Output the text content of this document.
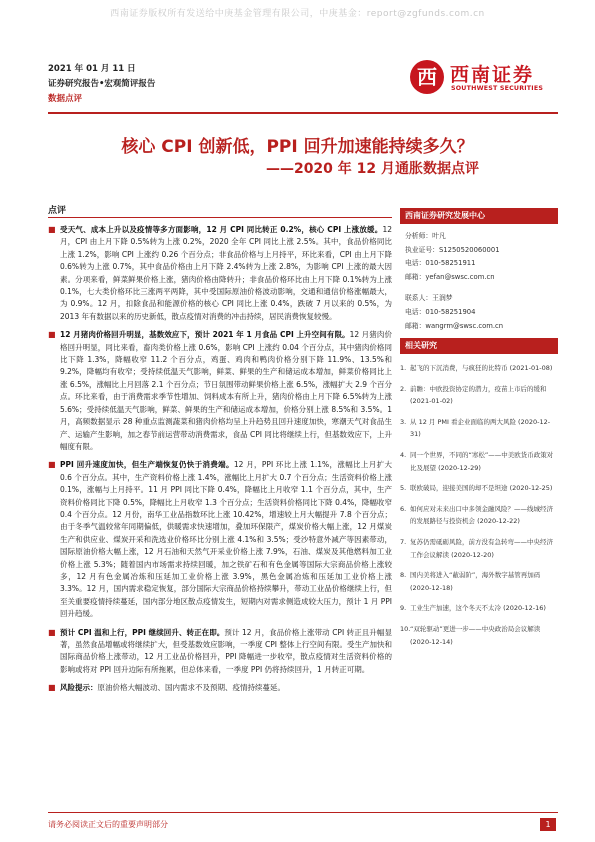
西南证券版权所有发送给中庚基金管理有限公司，中庚基金：report@zgfunds.com.cn
2021 年 01 月 11 日
证券研究报告•宏观简评报告
数据点评
西 西南证券
SOUTHWEST SECURITIES
核心 CPI 创新低，PPI 回升加速能持续多久？
——2020 年 12 月通胀数据点评
点评
■ 受天气、成本上升以及疫情等多方面影响，12 月 CPI 同比转正 0.2%，核心 CPI 上涨放缓。12月，CPI 由上月下降 0.5%转为上涨 0.2%，2020 全年 CPI 同比上涨 2.5%。其中，食品价格同比上涨 1.2%，影响 CPI 上涨约 0.26 个百分点；非食品价格与上月持平，环比来看，CPI 由上月下降 0.6%转为上涨 0.7%，其中食品价格由上月下降 2.4%转为上涨 2.8%，为影响 CPI 上涨的最大因素。分项来看，鲜菜鲜果价格上涨，猪肉价格由降转升；非食品价格环比由上月下降 0.1%转为上涨 0.1%，七大类价格环比三涨两平两降，其中受国际原油价格波动影响，交通和通信价格涨幅最大，为 0.9%。12 月，扣除食品和能源价格的核心 CPI 同比上涨 0.4%，跌破 7 月以来的 0.5%，为 2013 年有数据以来的历史新低，散点疫情对消费的冲击持续，居民消费恢复较慢。
■ 12 月猪肉价格回升明显，基数效应下，预计 2021 年 1 月食品 CPI 上升空间有限。12 月猪肉价格回升明显，同比来看，畜肉类价格上涨 0.6%，影响 CPI 上涨约 0.04 个百分点，其中猪肉价格同比下降 1.3%，降幅收窄 11.2 个百分点，鸡蛋、鸡肉和鸭肉价格分别下降 11.9%、13.5%和 9.2%，降幅均有收窄；受持续低温天气影响，鲜菜、鲜果的生产和储运成本增加，鲜菜价格同比上涨 6.5%，涨幅比上月回落 2.1 个百分点；节日氛围带动鲜果价格上涨 6.5%，涨幅扩大 2.9 个百分点。环比来看，由于消费需求季节性增加、饲料成本有所上升，猪肉价格由上月下降 6.5%转为上涨 5.6%；受持续低温天气影响，鲜菜、鲜果的生产和储运成本增加，价格分别上涨 8.5%和 3.5%。1 月，高频数据显示 28 种重点监测蔬菜和猪肉价格均呈上升趋势且回升速度加快，寒潮天气对食品生产、运输产生影响，加之春节前运营带动消费需求，食品 CPI 同比将继续上行，但基数效应下，上升幅度有限。
■ PPI 回升速度加快，但生产端恢复仍快于消费端。12 月，PPI 环比上涨 1.1%，涨幅比上月扩大 0.6 个百分点。其中，生产资料价格上涨 1.4%，涨幅比上月扩大 0.7 个百分点；生活资料价格上涨 0.1%，涨幅与上月持平。11 月 PPI 同比下降 0.4%，降幅比上月收窄 1.1 个百分点，其中，生产资料价格同比下降 0.5%，降幅比上月收窄 1.3 个百分点；生活资料价格同比下降 0.4%，降幅收窄 0.4 个百分点。12 月份，南华工业品指数环比上涨 10.42%，增速较上月大幅提升 7.8 个百分点；由于冬季气温较常年同期偏低，供暖需求快速增加，叠加环保限产，煤炭价格大幅上涨，12 月煤炭生产和供应业、煤炭开采和洗选业价格环比分别上涨 4.1%和 3.5%；受沙特意外减产等因素带动，国际原油价格大幅上涨，12 月石油和天然气开采业价格上涨 7.9%，石油、煤炭及其他燃料加工业价格上涨 5.3%；随着国内市场需求持续回暖，加之铁矿石和有色金属等国际大宗商品价格上涨较多，12 月有色金属冶炼和压延加工业价格上涨 3.9%，黑色金属冶炼和压延加工业价格上涨 3.3%。12 月，国内需求稳定恢复，部分国际大宗商品价格持续攀升，带动工业品价格继续上行，但至关重要疫情持续蔓延，国内部分地区散点疫情发生，短期内对需求侧造成较大压力，预计 1 月 PPI 回升趋缓。
■ 预计 CPI 温和上行，PPI 继续回升、转正在即。预计 12 月，食品价格上涨带动 CPI 转正且升幅显著，虽然食品增幅或将继续扩大，但受基数效应影响，一季度 CPI 整体上行空间有限。受生产加快和国际商品价格上涨带动，12 月工业品价格回升，PPI 降幅进一步收窄，散点疫情对生活资料价格的影响或将对 PPI 回升边际有所拖累，但总体来看，一季度 PPI 仍将持续回升，1 月转正可期。
■ 风险提示：原油价格大幅波动、国内需求不及预期、疫情持续蔓延。
西南证券研究发展中心
分析师：叶凡
执业证号：S1250520060001
电话：010-58251911
邮箱：yefan@swsc.com.cn
联系人：王润梦
电话：010-58251904
邮箱：wangrm@swsc.com.cn
相关研究
1. 起飞的下沉消费，与疯狂的比特币 (2021-01-08)
2. 前瞻：中欧投资协定的潜力，疫苗上市后的缓和 (2021-01-02)
3. 从 12 月 PMI 看企业面临的两大风险 (2020-12-31)
4. 同一个世界，不同的“寒松”——中美欧货币政策对比及展望 (2020-12-29)
5. 联欧破局，迎接美国的却不是坦途 (2020-12-25)
6. 如何应对未来出口中多领金融风险？——线城经济的发展路径与投资机会 (2020-12-22)
7. 复苏仍需砥砺风险，前方没有急转弯——中央经济工作会议解读 (2020-12-20)
8. 国内美将进入“蔽弱阶”，海外数字基管再加码 (2020-12-18)
9. 工业生产加速，这个冬天不太冷 (2020-12-16)
10. “双轮驱动”更进一步——中央政治局会议解读 (2020-12-14)
请务必阅读正文后的重要声明部分	1
